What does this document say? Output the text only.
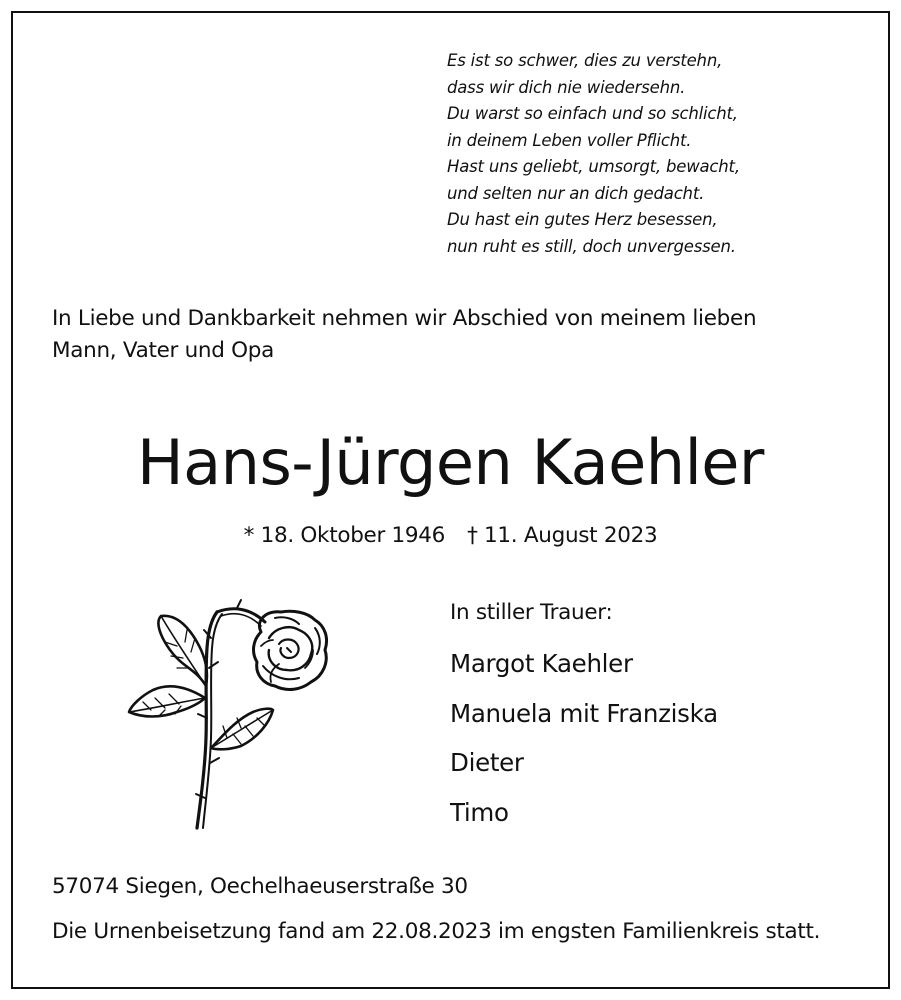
Es ist so schwer, dies zu verstehn,
dass wir dich nie wiedersehn.
Du warst so einfach und so schlicht,
in deinem Leben voller Pflicht.
Hast uns geliebt, umsorgt, bewacht,
und selten nur an dich gedacht.
Du hast ein gutes Herz besessen,
nun ruht es still, doch unvergessen.

In Liebe und Dankbarkeit nehmen wir Abschied von meinem lieben
Mann, Vater und Opa

Hans-Jürgen Kaehler
* 18. Oktober 1946 † 11. August 2023
In stiller Trauer:
Margot Kaehler
Manuela mit Franziska
Dieter
Timo

57074 Siegen, Oechelhaeuserstraße 30

Die Urnenbeisetzung fand am 22.08.2023 im engsten Familienkreis statt.
